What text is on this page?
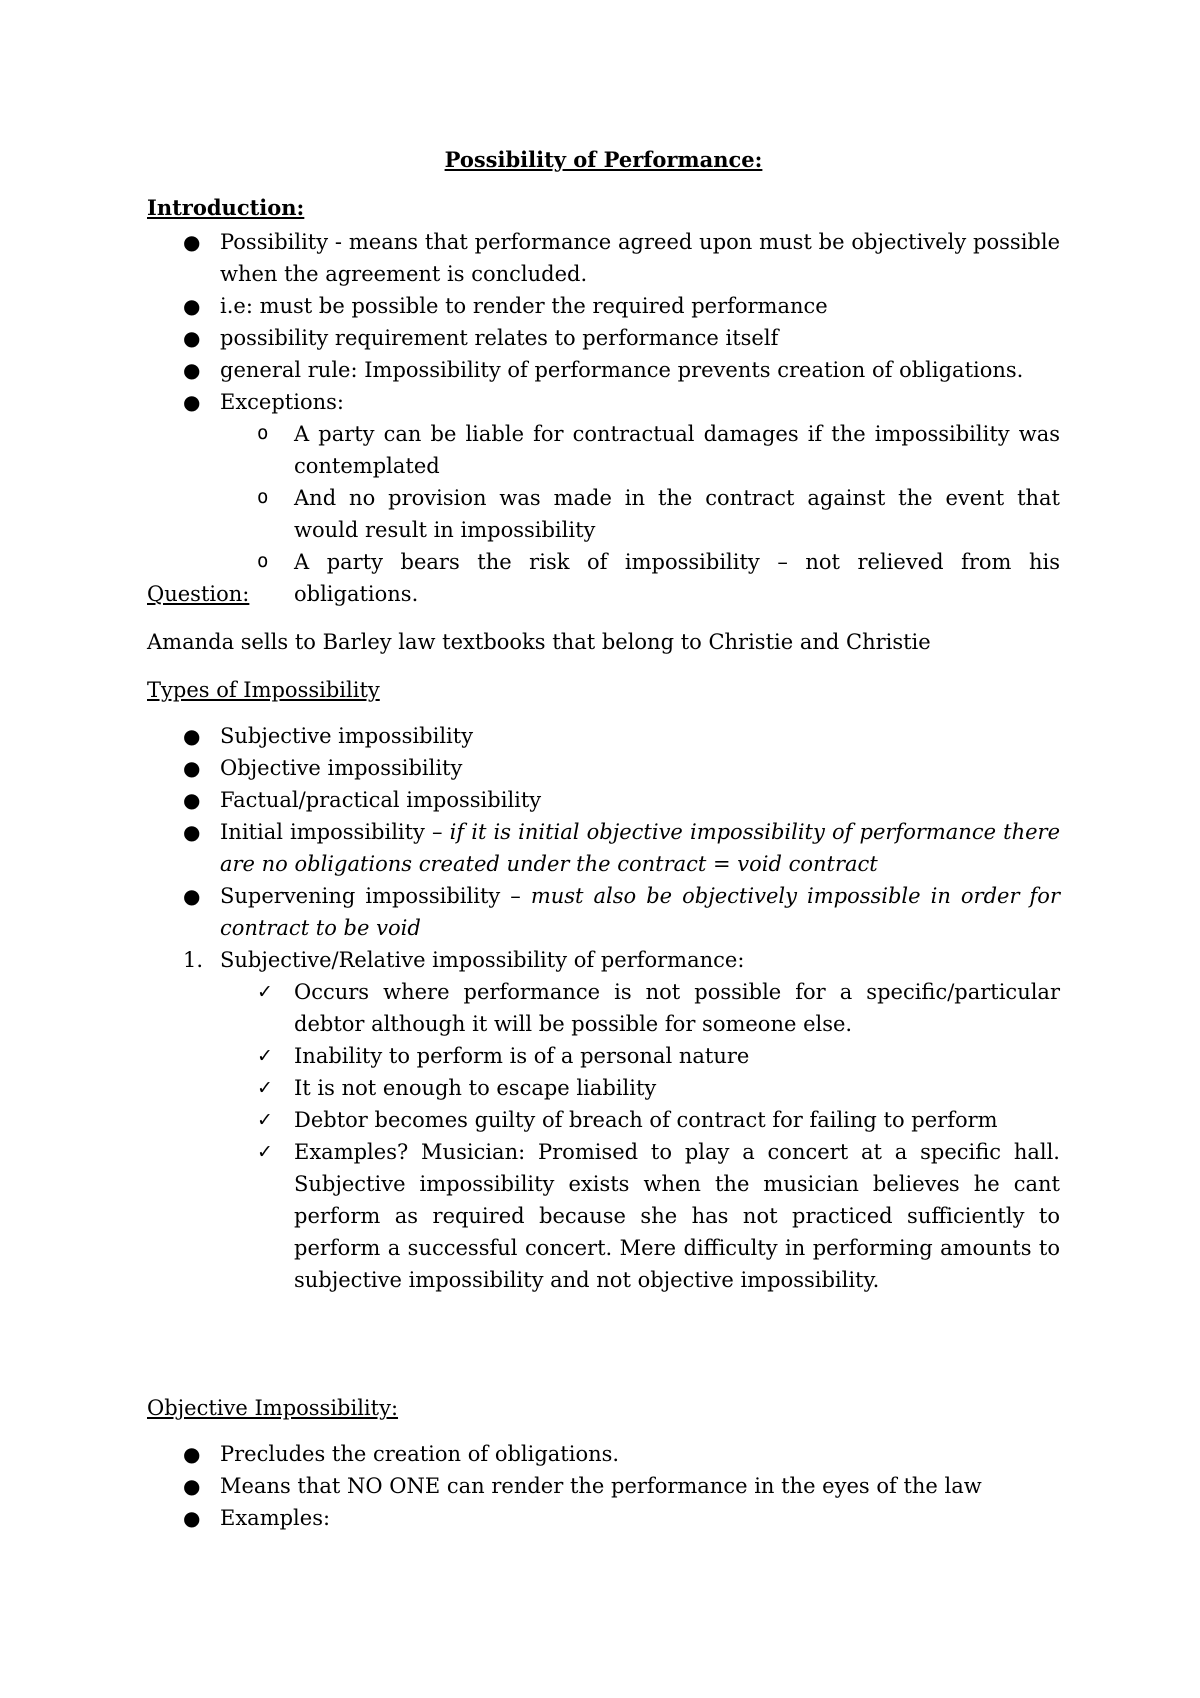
Possibility of Performance:

Introduction:

● Possibility - means that performance agreed upon must be objectively possible when the agreement is concluded.
● i.e: must be possible to render the required performance
● possibility requirement relates to performance itself
● general rule: Impossibility of performance prevents creation of obligations.
● Exceptions:
o A party can be liable for contractual damages if the impossibility was contemplated
o And no provision was made in the contract against the event that would result in impossibility
o A party bears the risk of impossibility – not relieved from his obligations.

Question:

Amanda sells to Barley law textbooks that belong to Christie and Christie

Types of Impossibility

● Subjective impossibility
● Objective impossibility
● Factual/practical impossibility
● Initial impossibility – if it is initial objective impossibility of performance there are no obligations created under the contract = void contract
● Supervening impossibility – must also be objectively impossible in order for contract to be void
1. Subjective/Relative impossibility of performance:
✓ Occurs where performance is not possible for a specific/particular debtor although it will be possible for someone else.
✓ Inability to perform is of a personal nature
✓ It is not enough to escape liability
✓ Debtor becomes guilty of breach of contract for failing to perform
✓ Examples? Musician: Promised to play a concert at a specific hall. Subjective impossibility exists when the musician believes he cant perform as required because she has not practiced sufficiently to perform a successful concert. Mere difficulty in performing amounts to subjective impossibility and not objective impossibility.

Objective Impossibility:

● Precludes the creation of obligations.
● Means that NO ONE can render the performance in the eyes of the law
● Examples:
